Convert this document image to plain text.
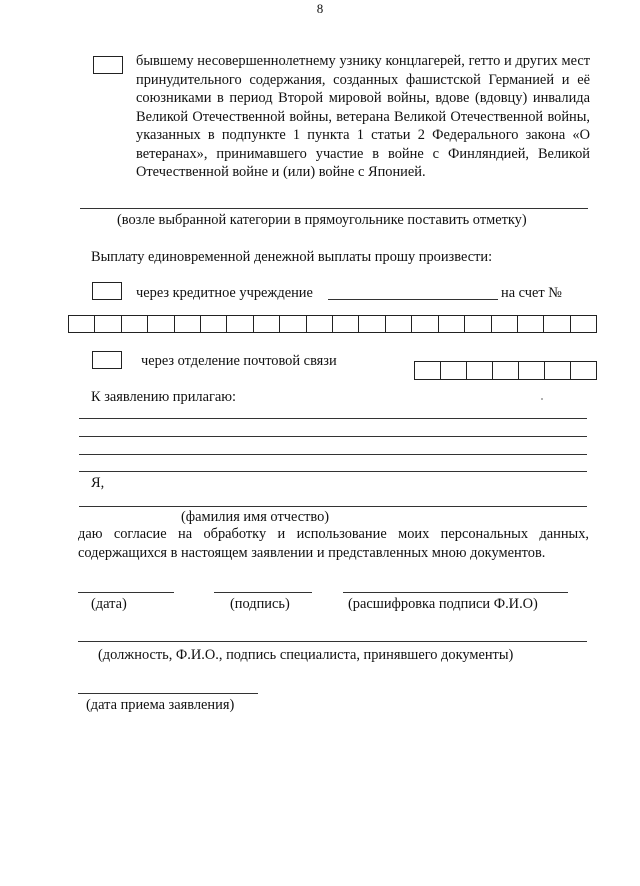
8
бывшему несовершеннолетнему узнику концлагерей, гетто и других мест принудительного содержания, созданных фашистской Германией и её союзниками в период Второй мировой войны, вдове (вдовцу) инвалида Великой Отечественной войны, ветерана Великой Отечественной войны, указанных в подпункте 1 пункта 1 статьи 2 Федерального закона «О ветеранах», принимавшего участие в войне с Финляндией, Великой Отечественной войне и (или) войне с Японией.
(возле выбранной категории в прямоугольнике поставить отметку)
Выплату единовременной денежной выплаты прошу произвести:
через кредитное учреждение	на счет №
через отделение почтовой связи
К заявлению прилагаю:
Я,
(фамилия имя отчество)
даю согласие на обработку и использование моих персональных данных, содержащихся в настоящем заявлении и представленных мною документов.
(дата)	(подпись)	(расшифровка подписи Ф.И.О)
(должность, Ф.И.О., подпись специалиста, принявшего документы)
(дата приема заявления)
